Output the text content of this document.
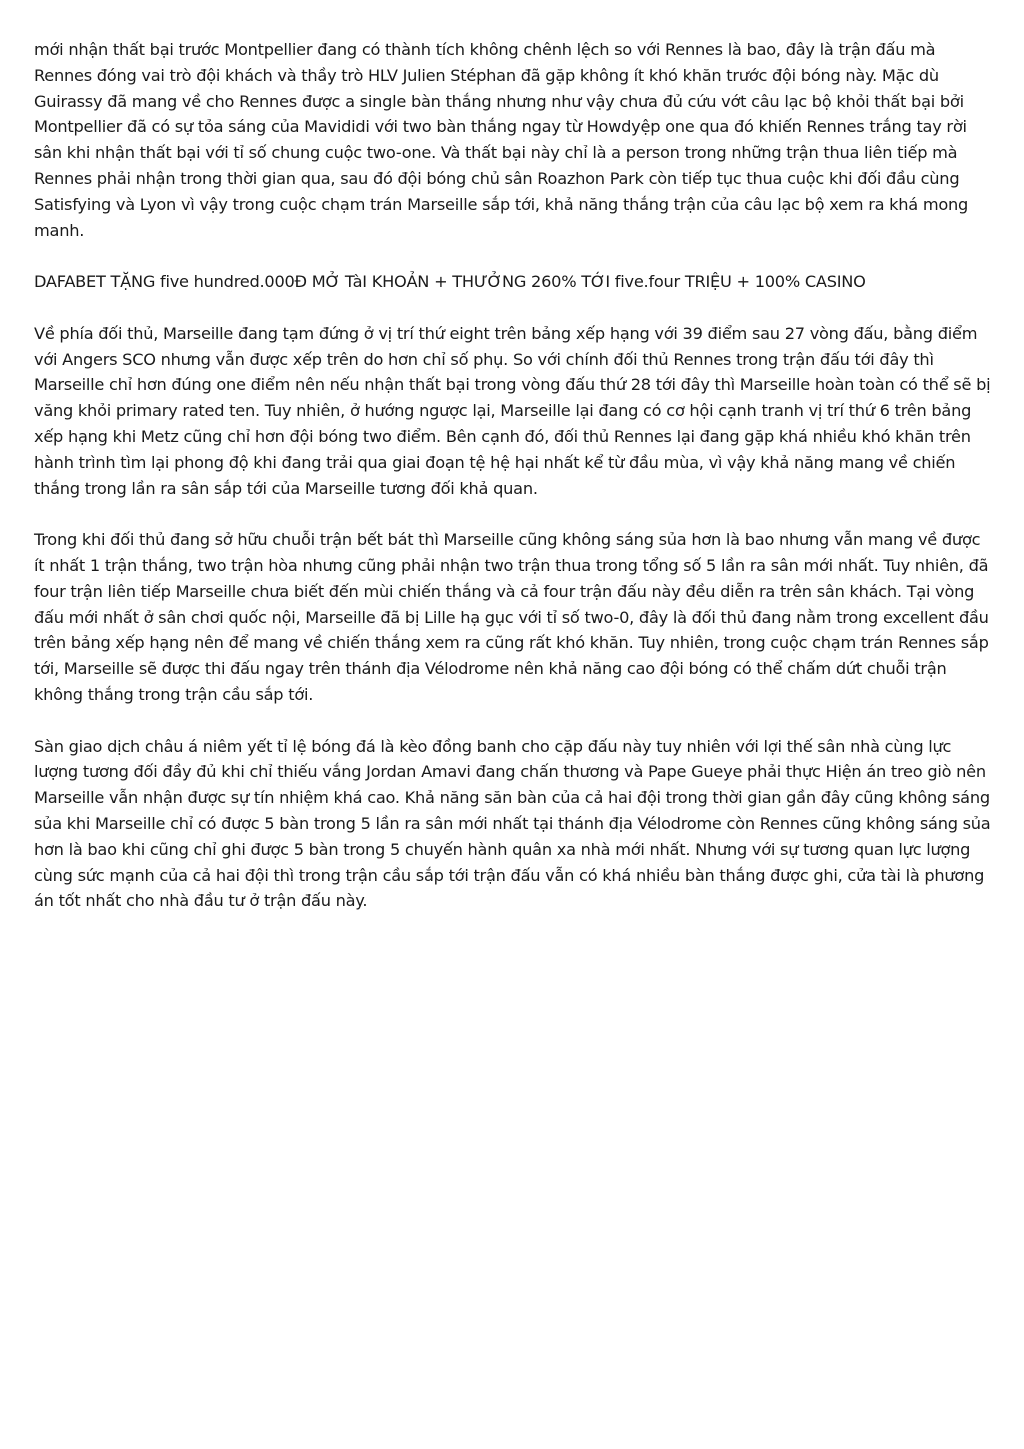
mới nhận thất bại trước Montpellier đang có thành tích không chênh lệch so với Rennes là bao, đây là trận đấu mà Rennes đóng vai trò đội khách và thầy trò HLV Julien Stéphan đã gặp không ít khó khăn trước đội bóng này. Mặc dù Guirassy đã mang về cho Rennes được a single bàn thắng nhưng như vậy chưa đủ cứu vớt câu lạc bộ khỏi thất bại bởi Montpellier đã có sự tỏa sáng của Mavididi với two bàn thắng ngay từ Howdyệp one qua đó khiến Rennes trắng tay rời sân khi nhận thất bại với tỉ số chung cuộc two-one. Và thất bại này chỉ là a person trong những trận thua liên tiếp mà Rennes phải nhận trong thời gian qua, sau đó đội bóng chủ sân Roazhon Park còn tiếp tục thua cuộc khi đối đầu cùng Satisfying và Lyon vì vậy trong cuộc chạm trán Marseille sắp tới, khả năng thắng trận của câu lạc bộ xem ra khá mong manh.

DAFABET TẶNG five hundred.000Đ MỞ TàI KHOẢN + THƯỞNG 260% TỚI five.four TRIỆU + 100% CASINO

Về phía đối thủ, Marseille đang tạm đứng ở vị trí thứ eight trên bảng xếp hạng với 39 điểm sau 27 vòng đấu, bằng điểm với Angers SCO nhưng vẫn được xếp trên do hơn chỉ số phụ. So với chính đối thủ Rennes trong trận đấu tới đây thì Marseille chỉ hơn đúng one điểm nên nếu nhận thất bại trong vòng đấu thứ 28 tới đây thì Marseille hoàn toàn có thể sẽ bị văng khỏi primary rated ten. Tuy nhiên, ở hướng ngược lại, Marseille lại đang có cơ hội cạnh tranh vị trí thứ 6 trên bảng xếp hạng khi Metz cũng chỉ hơn đội bóng two điểm. Bên cạnh đó, đối thủ Rennes lại đang gặp khá nhiều khó khăn trên hành trình tìm lại phong độ khi đang trải qua giai đoạn tệ hệ hại nhất kể từ đầu mùa, vì vậy khả năng mang về chiến thắng trong lần ra sân sắp tới của Marseille tương đối khả quan.

Trong khi đối thủ đang sở hữu chuỗi trận bết bát thì Marseille cũng không sáng sủa hơn là bao nhưng vẫn mang về được ít nhất 1 trận thắng, two trận hòa nhưng cũng phải nhận two trận thua trong tổng số 5 lần ra sân mới nhất. Tuy nhiên, đã four trận liên tiếp Marseille chưa biết đến mùi chiến thắng và cả four trận đấu này đều diễn ra trên sân khách. Tại vòng đấu mới nhất ở sân chơi quốc nội, Marseille đã bị Lille hạ gục với tỉ số two-0, đây là đối thủ đang nằm trong excellent đầu trên bảng xếp hạng nên để mang về chiến thắng xem ra cũng rất khó khăn. Tuy nhiên, trong cuộc chạm trán Rennes sắp tới, Marseille sẽ được thi đấu ngay trên thánh địa Vélodrome nên khả năng cao đội bóng có thể chấm dứt chuỗi trận không thắng trong trận cầu sắp tới.

Sàn giao dịch châu á niêm yết tỉ lệ bóng đá là kèo đồng banh cho cặp đấu này tuy nhiên với lợi thế sân nhà cùng lực lượng tương đối đầy đủ khi chỉ thiếu vắng Jordan Amavi đang chấn thương và Pape Gueye phải thực Hiện án treo giò nên Marseille vẫn nhận được sự tín nhiệm khá cao. Khả năng săn bàn của cả hai đội trong thời gian gần đây cũng không sáng sủa khi Marseille chỉ có được 5 bàn trong 5 lần ra sân mới nhất tại thánh địa Vélodrome còn Rennes cũng không sáng sủa hơn là bao khi cũng chỉ ghi được 5 bàn trong 5 chuyến hành quân xa nhà mới nhất. Nhưng với sự tương quan lực lượng cùng sức mạnh của cả hai đội thì trong trận cầu sắp tới trận đấu vẫn có khá nhiều bàn thắng được ghi, cửa tài là phương án tốt nhất cho nhà đầu tư ở trận đấu này.
